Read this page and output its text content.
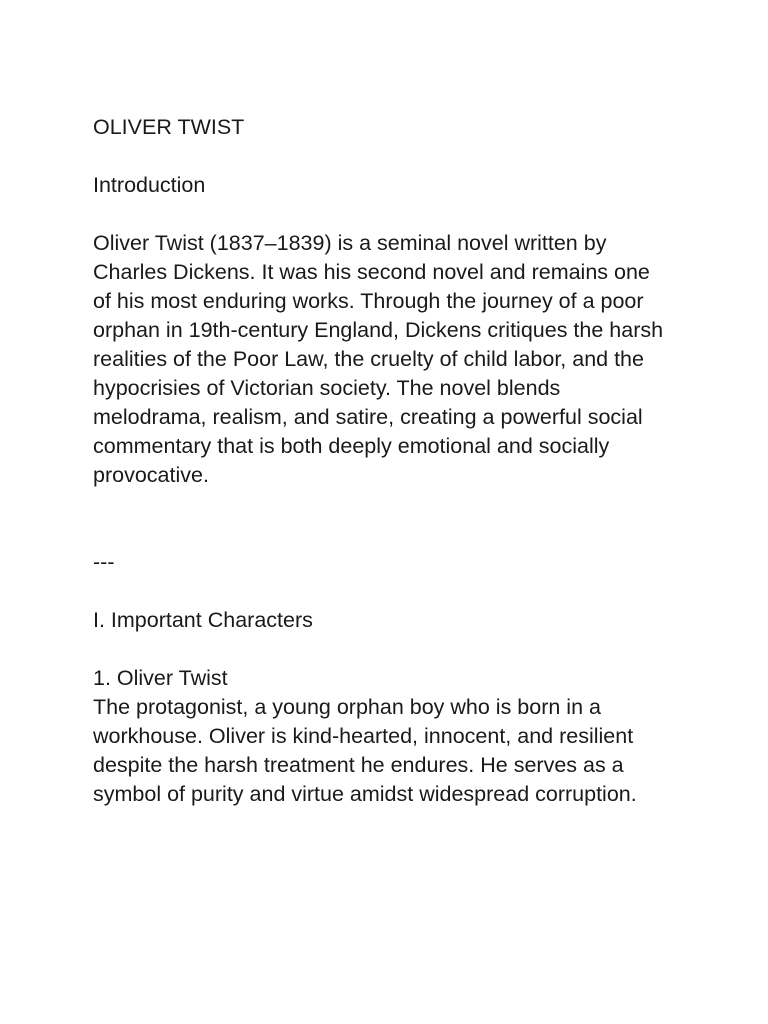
OLIVER TWIST

Introduction

Oliver Twist (1837–1839) is a seminal novel written by Charles Dickens. It was his second novel and remains one of his most enduring works. Through the journey of a poor orphan in 19th-century England, Dickens critiques the harsh realities of the Poor Law, the cruelty of child labor, and the hypocrisies of Victorian society. The novel blends melodrama, realism, and satire, creating a powerful social commentary that is both deeply emotional and socially provocative.

---

I. Important Characters

1. Oliver Twist

The protagonist, a young orphan boy who is born in a workhouse. Oliver is kind-hearted, innocent, and resilient despite the harsh treatment he endures. He serves as a symbol of purity and virtue amidst widespread corruption.
